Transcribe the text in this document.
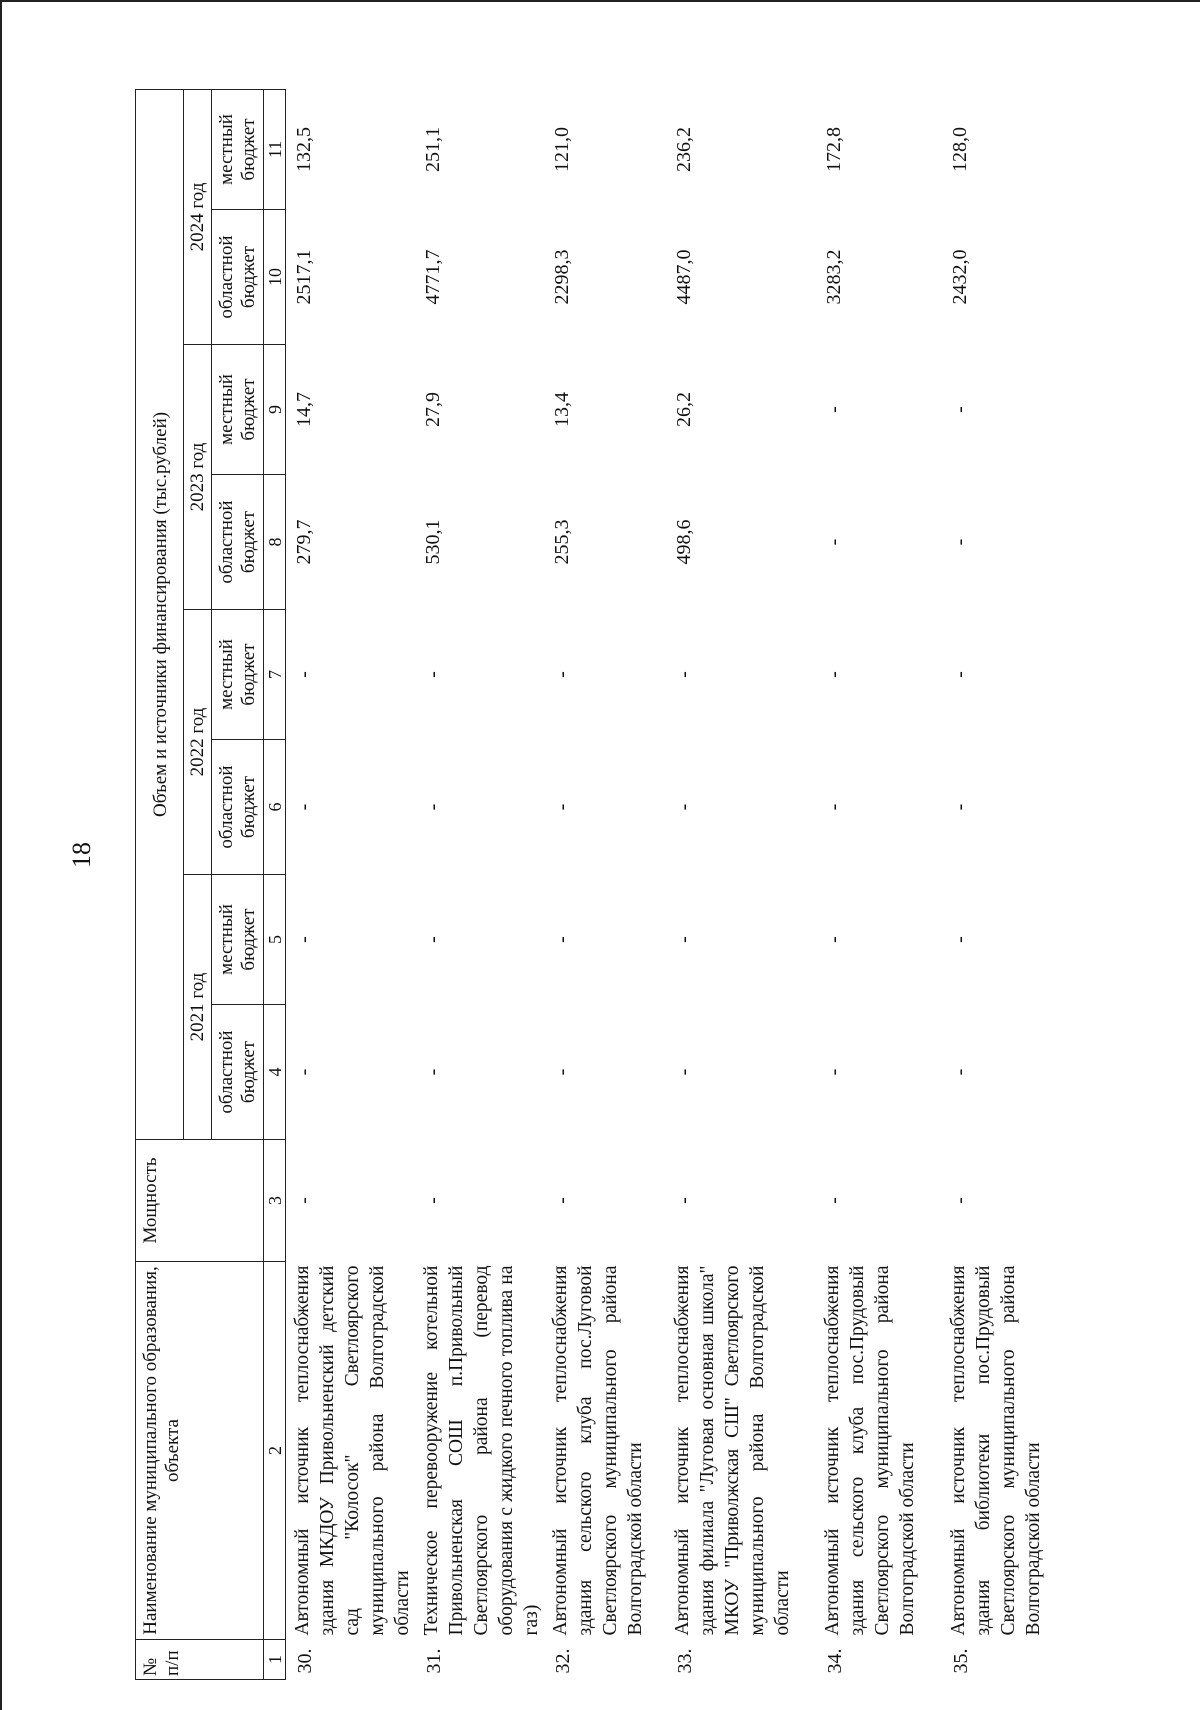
18
№
п/п	Наименование муниципального образования, объекта	Мощность	Объем и источники финансирования (тыс.рублей)							
			2021 год		2022 год		2023 год		2024 год	
			областной бюджет	местный бюджет	областной бюджет	местный бюджет	областной бюджет	местный бюджет	областной бюджет	местный бюджет
1	2	3	4	5	6	7	8	9	10	11
30.	Автономный источник теплоснабжения здания МКДОУ Привольненский детский сад "Колосок" Светлоярского муниципального района Волгоградской области	-	-	-	-	-	279,7	14,7	2517,1	132,5
31.	Техническое перевооружение котельной Привольненская СОШ п.Привольный Светлоярского района (перевод оборудования с жидкого печного топлива на газ)	-	-	-	-	-	530,1	27,9	4771,7	251,1
32.	Автономный источник теплоснабжения здания сельского клуба пос.Луговой Светлоярского муниципального района Волгоградской области	-	-	-	-	-	255,3	13,4	2298,3	121,0
33.	Автономный источник теплоснабжения здания филиала "Луговая основная школа" МКОУ "Приволжская СШ" Светлоярского муниципального района Волгоградской области	-	-	-	-	-	498,6	26,2	4487,0	236,2
34.	Автономный источник теплоснабжения здания сельского клуба пос.Прудовый Светлоярского муниципального района Волгоградской области	-	-	-	-	-	-	-	3283,2	172,8
35.	Автономный источник теплоснабжения здания библиотеки пос.Прудовый Светлоярского муниципального района Волгоградской области	-	-	-	-	-	-	-	2432,0	128,0
